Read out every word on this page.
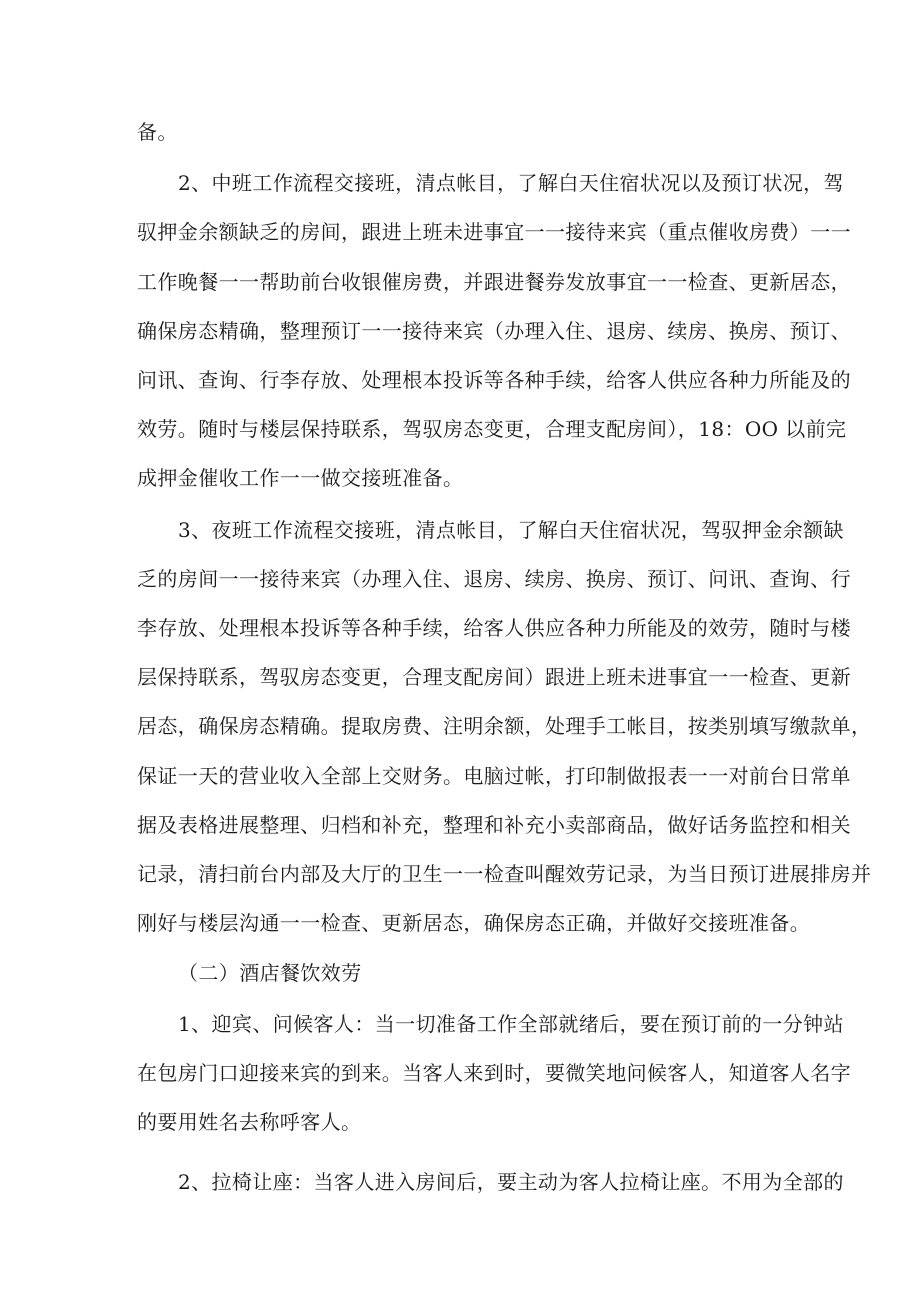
备。
2、中班工作流程交接班，清点帐目，了解白天住宿状况以及预订状况，驾
驭押金余额缺乏的房间，跟进上班未进事宜一一接待来宾（重点催收房费）一一
工作晚餐一一帮助前台收银催房费，并跟进餐券发放事宜一一检查、更新居态，
确保房态精确，整理预订一一接待来宾（办理入住、退房、续房、换房、预订、
问讯、查询、行李存放、处理根本投诉等各种手续，给客人供应各种力所能及的
效劳。随时与楼层保持联系，驾驭房态变更，合理支配房间），18：OO 以前完
成押金催收工作一一做交接班准备。
3、夜班工作流程交接班，清点帐目，了解白天住宿状况，驾驭押金余额缺
乏的房间一一接待来宾（办理入住、退房、续房、换房、预订、问讯、查询、行
李存放、处理根本投诉等各种手续，给客人供应各种力所能及的效劳，随时与楼
层保持联系，驾驭房态变更，合理支配房间）跟进上班未进事宜一一检查、更新
居态，确保房态精确。提取房费、注明余额，处理手工帐目，按类别填写缴款单，
保证一天的营业收入全部上交财务。电脑过帐，打印制做报表一一对前台日常单
据及表格进展整理、归档和补充，整理和补充小卖部商品，做好话务监控和相关
记录，清扫前台内部及大厅的卫生一一检查叫醒效劳记录，为当日预订进展排房并
刚好与楼层沟通一一检查、更新居态，确保房态正确，并做好交接班准备。
（二）酒店餐饮效劳
1、迎宾、问候客人：当一切准备工作全部就绪后，要在预订前的一分钟站
在包房门口迎接来宾的到来。当客人来到时，要微笑地问候客人，知道客人名字
的要用姓名去称呼客人。
2、拉椅让座：当客人进入房间后，要主动为客人拉椅让座。不用为全部的
